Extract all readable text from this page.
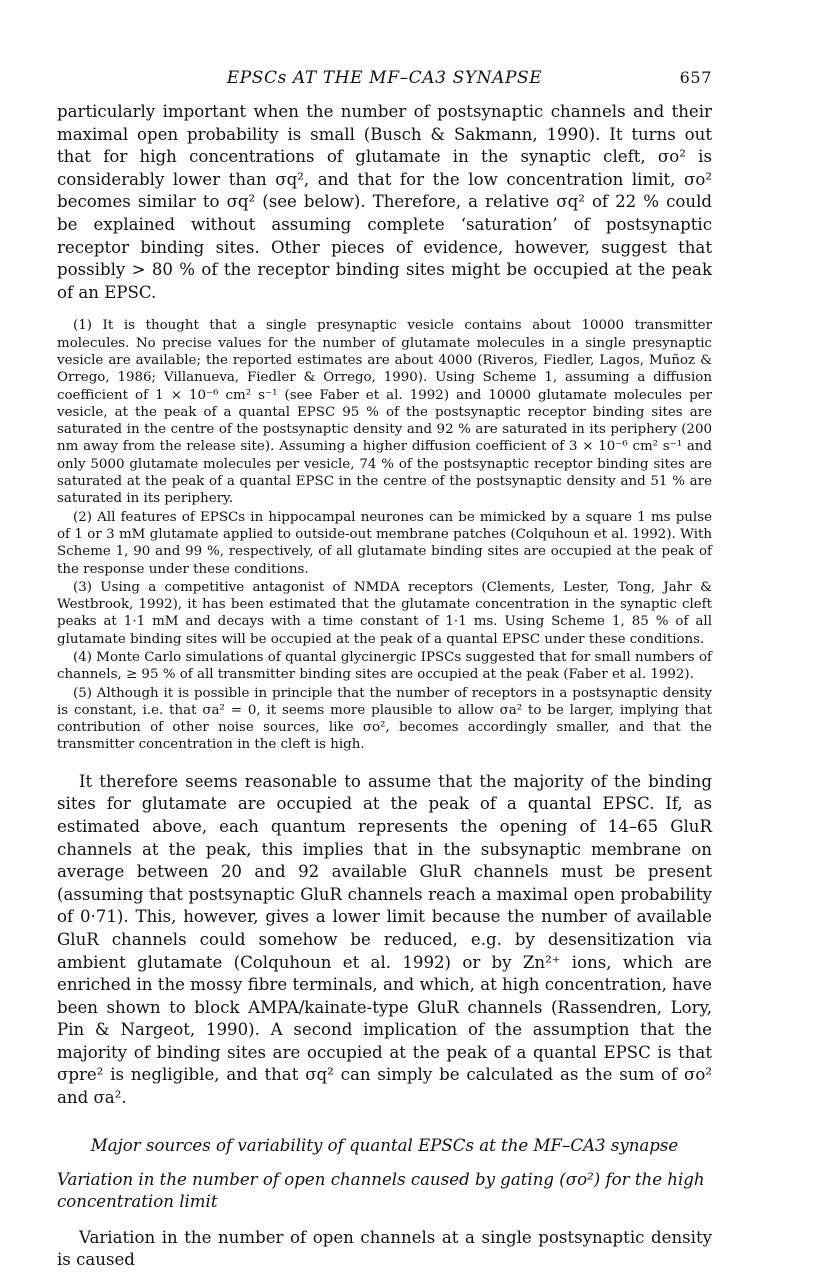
EPSCs AT THE MF–CA3 SYNAPSE	657

particularly important when the number of postsynaptic channels and their maximal open probability is small (Busch & Sakmann, 1990). It turns out that for high concentrations of glutamate in the synaptic cleft, σo² is considerably lower than σq², and that for the low concentration limit, σo² becomes similar to σq² (see below). Therefore, a relative σq² of 22 % could be explained without assuming complete ‘saturation’ of postsynaptic receptor binding sites. Other pieces of evidence, however, suggest that possibly > 80 % of the receptor binding sites might be occupied at the peak of an EPSC.

(1) It is thought that a single presynaptic vesicle contains about 10000 transmitter molecules. No precise values for the number of glutamate molecules in a single presynaptic vesicle are available; the reported estimates are about 4000 (Riveros, Fiedler, Lagos, Muñoz & Orrego, 1986; Villanueva, Fiedler & Orrego, 1990). Using Scheme 1, assuming a diffusion coefficient of 1 × 10⁻⁶ cm² s⁻¹ (see Faber et al. 1992) and 10000 glutamate molecules per vesicle, at the peak of a quantal EPSC 95 % of the postsynaptic receptor binding sites are saturated in the centre of the postsynaptic density and 92 % are saturated in its periphery (200 nm away from the release site). Assuming a higher diffusion coefficient of 3 × 10⁻⁶ cm² s⁻¹ and only 5000 glutamate molecules per vesicle, 74 % of the postsynaptic receptor binding sites are saturated at the peak of a quantal EPSC in the centre of the postsynaptic density and 51 % are saturated in its periphery.

(2) All features of EPSCs in hippocampal neurones can be mimicked by a square 1 ms pulse of 1 or 3 mM glutamate applied to outside-out membrane patches (Colquhoun et al. 1992). With Scheme 1, 90 and 99 %, respectively, of all glutamate binding sites are occupied at the peak of the response under these conditions.

(3) Using a competitive antagonist of NMDA receptors (Clements, Lester, Tong, Jahr & Westbrook, 1992), it has been estimated that the glutamate concentration in the synaptic cleft peaks at 1·1 mM and decays with a time constant of 1·1 ms. Using Scheme 1, 85 % of all glutamate binding sites will be occupied at the peak of a quantal EPSC under these conditions.

(4) Monte Carlo simulations of quantal glycinergic IPSCs suggested that for small numbers of channels, ≥ 95 % of all transmitter binding sites are occupied at the peak (Faber et al. 1992).

(5) Although it is possible in principle that the number of receptors in a postsynaptic density is constant, i.e. that σa² = 0, it seems more plausible to allow σa² to be larger, implying that contribution of other noise sources, like σo², becomes accordingly smaller, and that the transmitter concentration in the cleft is high.

It therefore seems reasonable to assume that the majority of the binding sites for glutamate are occupied at the peak of a quantal EPSC. If, as estimated above, each quantum represents the opening of 14–65 GluR channels at the peak, this implies that in the subsynaptic membrane on average between 20 and 92 available GluR channels must be present (assuming that postsynaptic GluR channels reach a maximal open probability of 0·71). This, however, gives a lower limit because the number of available GluR channels could somehow be reduced, e.g. by desensitization via ambient glutamate (Colquhoun et al. 1992) or by Zn²⁺ ions, which are enriched in the mossy fibre terminals, and which, at high concentration, have been shown to block AMPA/kainate-type GluR channels (Rassendren, Lory, Pin & Nargeot, 1990). A second implication of the assumption that the majority of binding sites are occupied at the peak of a quantal EPSC is that σpre² is negligible, and that σq² can simply be calculated as the sum of σo² and σa².

Major sources of variability of quantal EPSCs at the MF–CA3 synapse
Variation in the number of open channels caused by gating (σo²) for the high concentration limit

Variation in the number of open channels at a single postsynaptic density is caused
